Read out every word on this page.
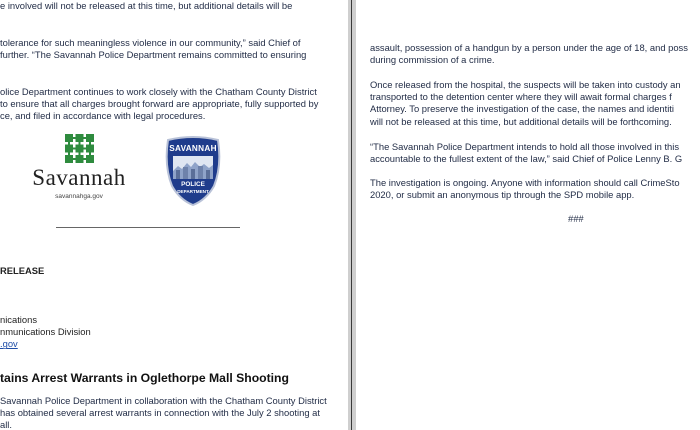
e involved will not be released at this time, but additional details will be
tolerance for such meaningless violence in our community,” said Chief of
further. “The Savannah Police Department remains committed to ensuring
olice Department continues to work closely with the Chatham County District
to ensure that all charges brought forward are appropriate, fully supported by
ce, and filed in accordance with legal procedures.
Savannah
savannahga.gov
SAVANNAH
POLICE
DEPARTMENT
RELEASE
nications
nmunications Division
.gov
tains Arrest Warrants in Oglethorpe Mall Shooting
Savannah Police Department in collaboration with the Chatham County District
has obtained several arrest warrants in connection with the July 2 shooting at
all.
assault, possession of a handgun by a person under the age of 18, and poss
during commission of a crime.
Once released from the hospital, the suspects will be taken into custody an
transported to the detention center where they will await formal charges f
Attorney. To preserve the investigation of the case, the names and identiti
will not be released at this time, but additional details will be forthcoming.
“The Savannah Police Department intends to hold all those involved in this
accountable to the fullest extent of the law,” said Chief of Police Lenny B. G
The investigation is ongoing. Anyone with information should call CrimeSto
2020, or submit an anonymous tip through the SPD mobile app.
###
